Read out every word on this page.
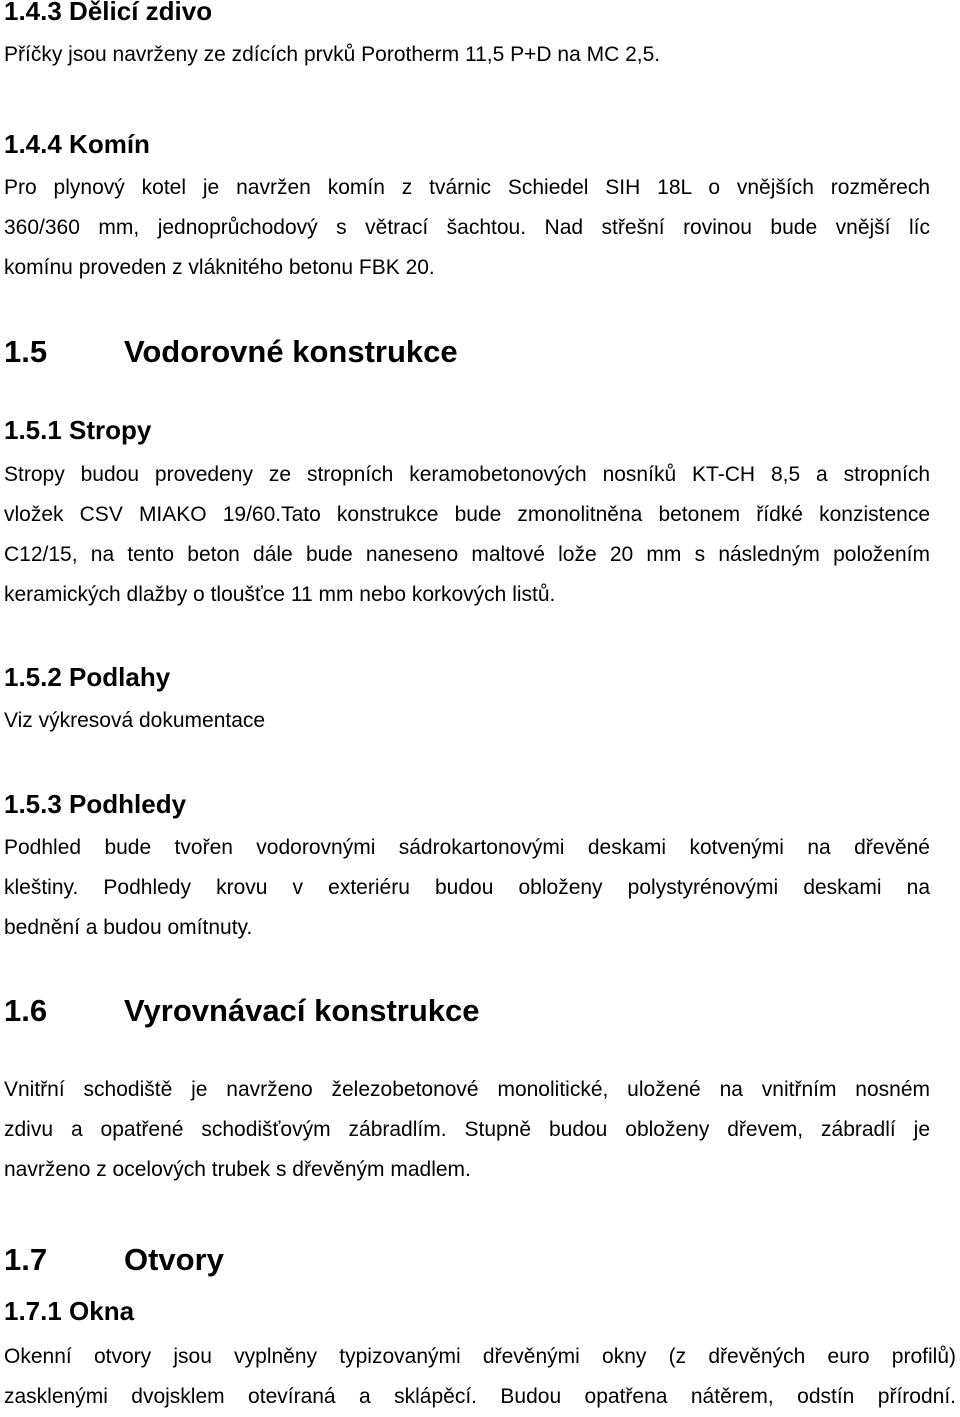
1.4.3 Dělicí zdivo

Příčky jsou navrženy ze zdících prvků Porotherm 11,5 P+D na MC 2,5.

1.4.4 Komín

Pro plynový kotel je navržen komín z tvárnic Schiedel SIH 18L o vnějších rozměrech

360/360 mm, jednoprůchodový s větrací šachtou. Nad střešní rovinou bude vnější líc

komínu proveden z vláknitého betonu FBK 20.

1.5 Vodorovné konstrukce
1.5.1 Stropy

Stropy budou provedeny ze stropních keramobetonových nosníků KT-CH 8,5 a stropních

vložek CSV MIAKO 19/60.Tato konstrukce bude zmonolitněna betonem řídké konzistence

C12/15, na tento beton dále bude naneseno maltové lože 20 mm s následným položením

keramických dlažby o tloušťce 11 mm nebo korkových listů.

1.5.2 Podlahy

Viz výkresová dokumentace

1.5.3 Podhledy

Podhled bude tvořen vodorovnými sádrokartonovými deskami kotvenými na dřevěné

kleštiny. Podhledy krovu v exteriéru budou obloženy polystyrénovými deskami na

bednění a budou omítnuty.

1.6 Vyrovnávací konstrukce

Vnitřní schodiště je navrženo železobetonové monolitické, uložené na vnitřním nosném

zdivu a opatřené schodišťovým zábradlím. Stupně budou obloženy dřevem, zábradlí je

navrženo z ocelových trubek s dřevěným madlem.

1.7 Otvory
1.7.1 Okna

Okenní otvory jsou vyplněny typizovanými dřevěnými okny (z dřevěných euro profilů)

zasklenými dvojsklem otevíraná a sklápěcí. Budou opatřena nátěrem, odstín přírodní.
